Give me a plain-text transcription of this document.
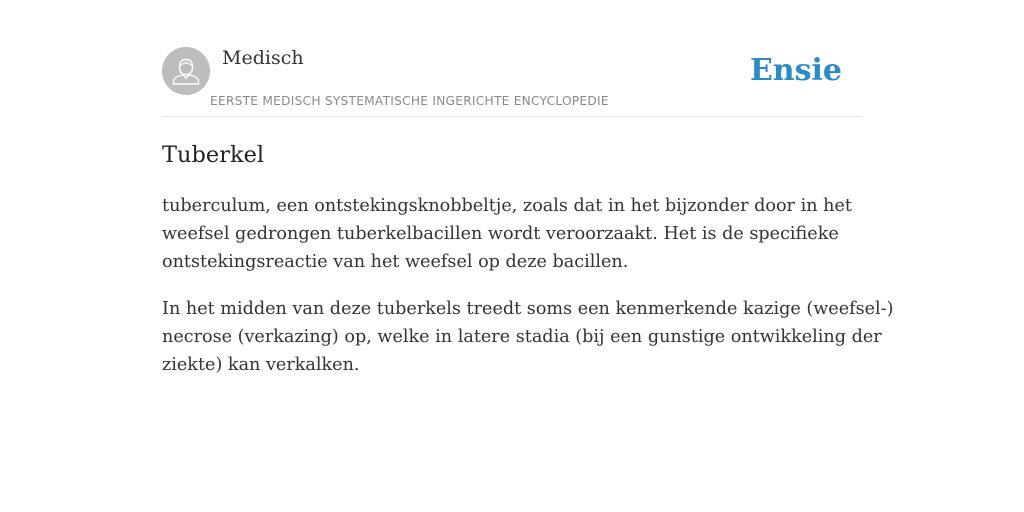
Medisch
EERSTE MEDISCH SYSTEMATISCHE INGERICHTE ENCYCLOPEDIE
Ensie
Tuberkel

tuberculum, een ontstekingsknobbeltje, zoals dat in het bijzonder door in het
weefsel gedrongen tuberkelbacillen wordt veroorzaakt. Het is de specifieke
ontstekingsreactie van het weefsel op deze bacillen.

In het midden van deze tuberkels treedt soms een kenmerkende kazige (weefsel-)
necrose (verkazing) op, welke in latere stadia (bij een gunstige ontwikkeling der
ziekte) kan verkalken.
